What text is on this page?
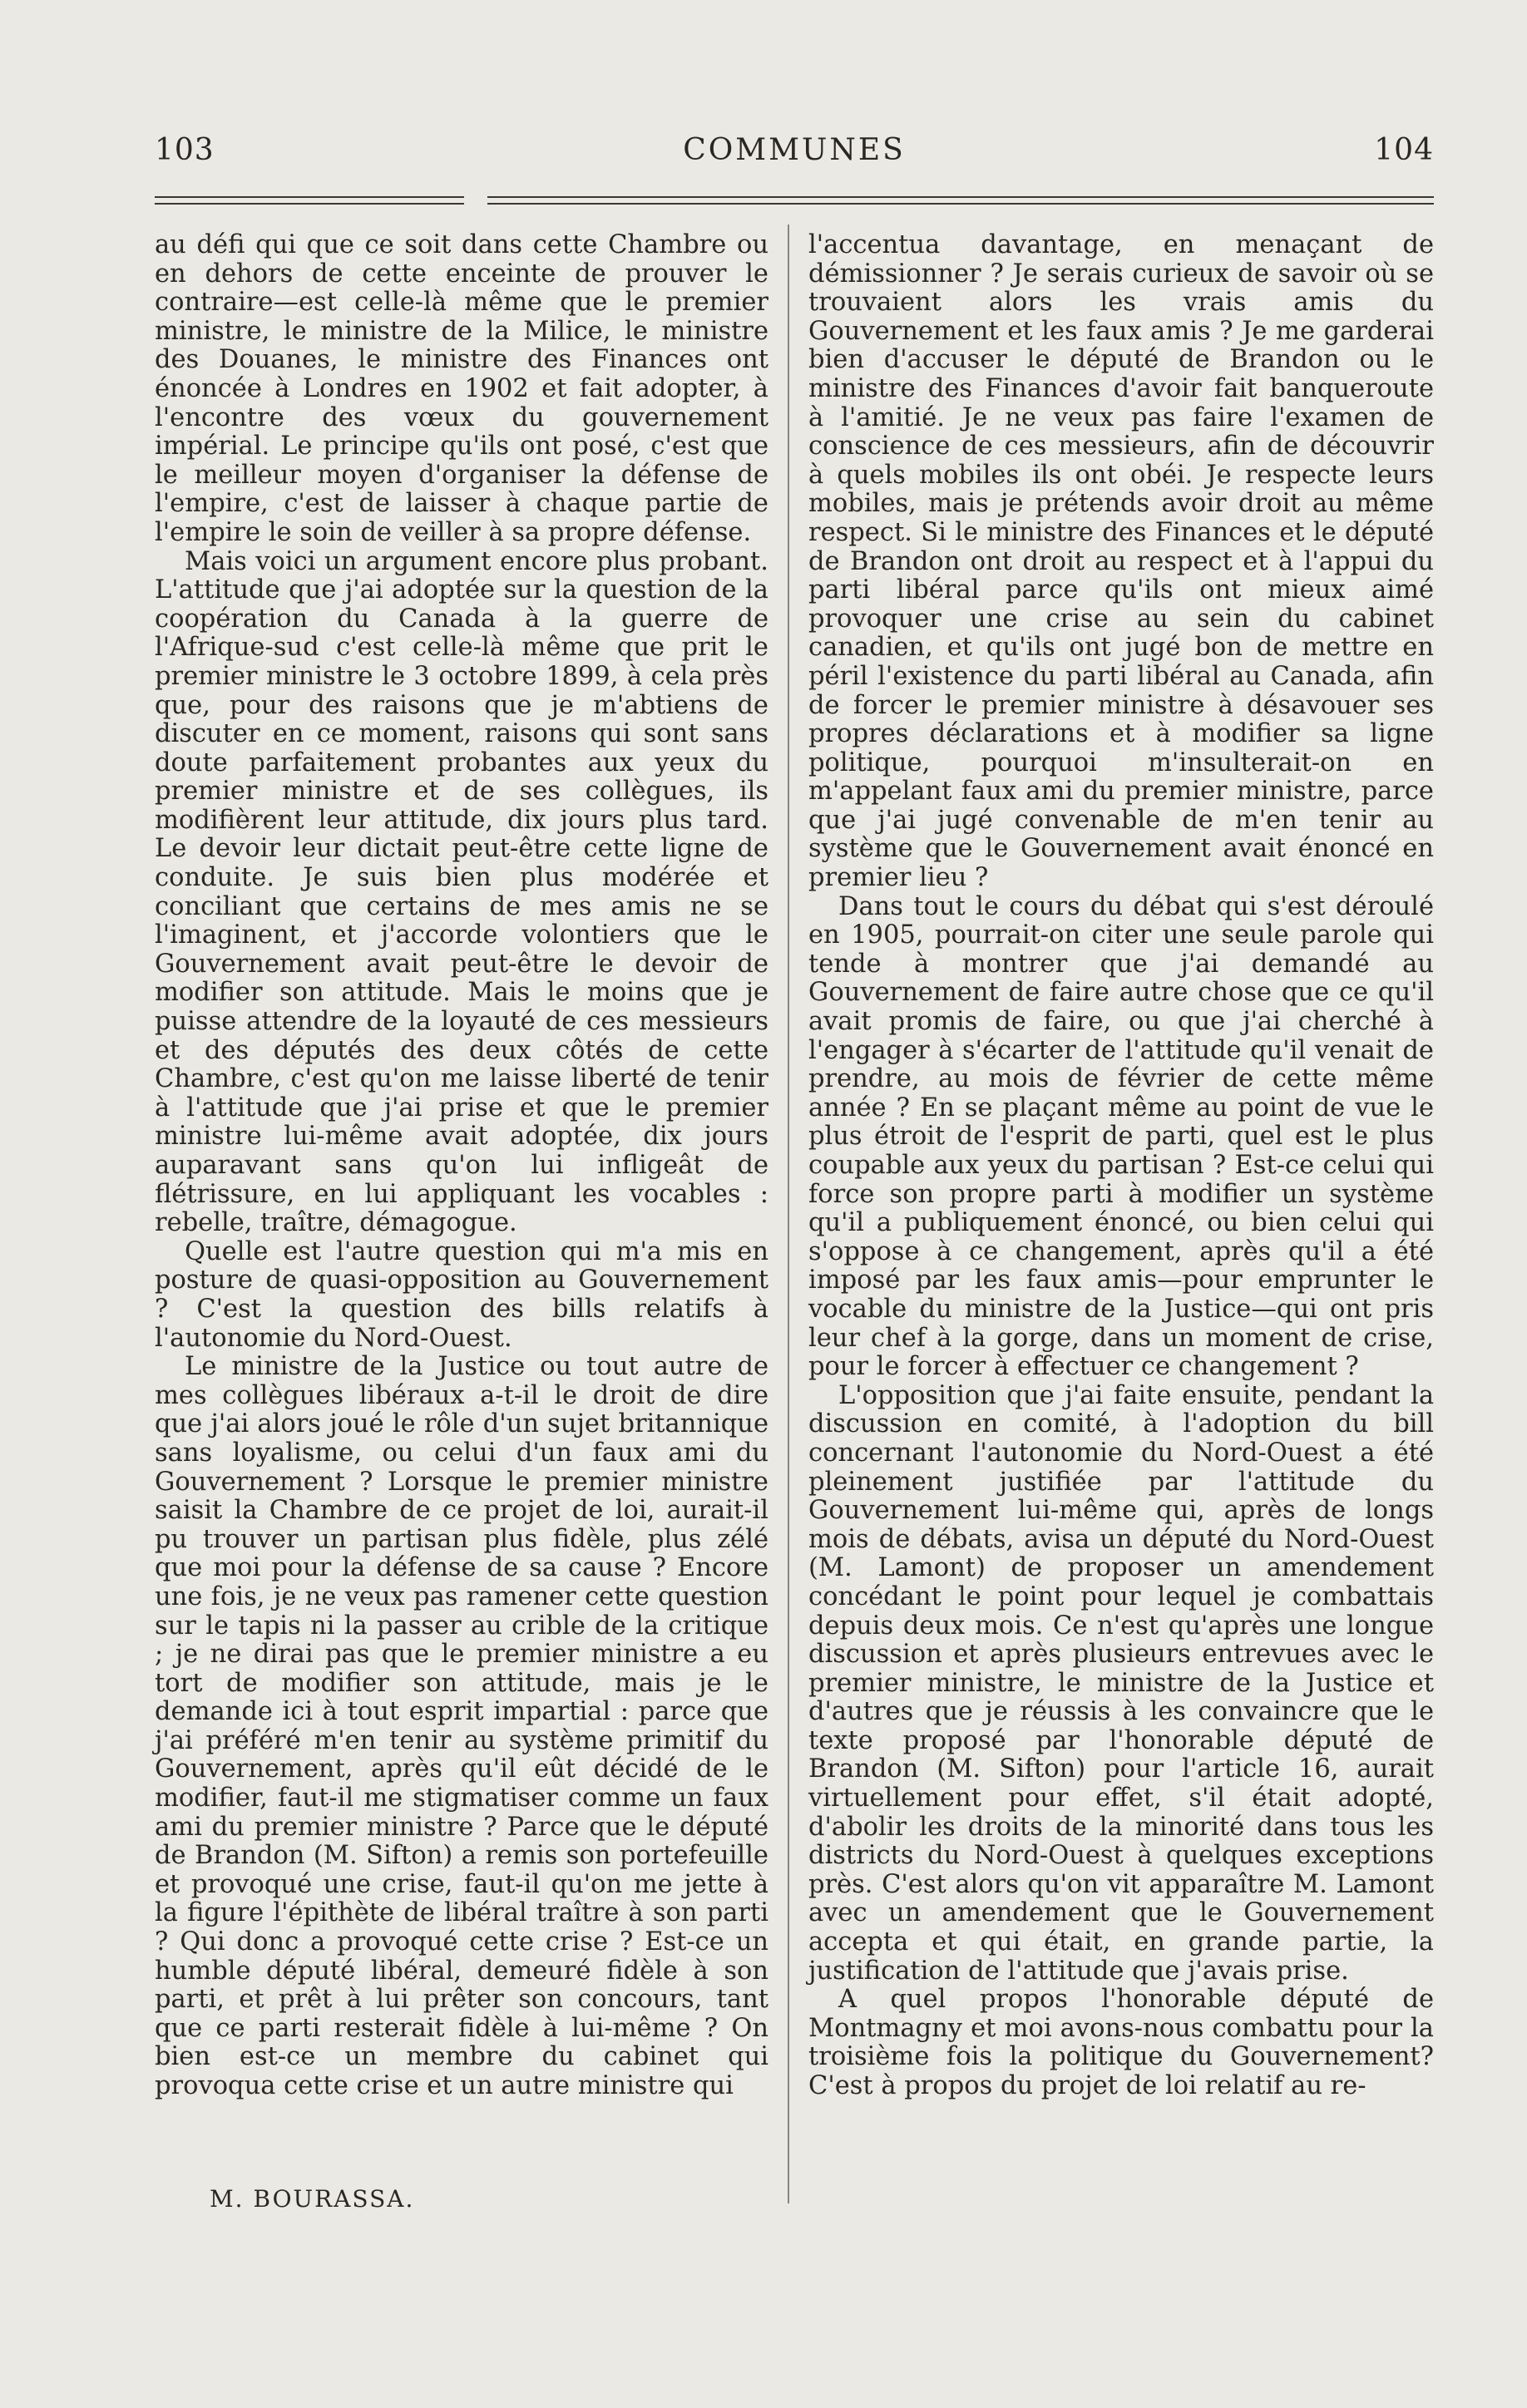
103	COMMUNES	104

au défi qui que ce soit dans cette Chambre ou en dehors de cette enceinte de prouver le contraire—est celle-là même que le premier ministre, le ministre de la Milice, le ministre des Douanes, le ministre des Finances ont énoncée à Londres en 1902 et fait adopter, à l'encontre des vœux du gouvernement impérial. Le principe qu'ils ont posé, c'est que le meilleur moyen d'organiser la défense de l'empire, c'est de laisser à chaque partie de l'empire le soin de veiller à sa propre défense.

Mais voici un argument encore plus probant. L'attitude que j'ai adoptée sur la question de la coopération du Canada à la guerre de l'Afrique-sud c'est celle-là même que prit le premier ministre le 3 octobre 1899, à cela près que, pour des raisons que je m'abtiens de discuter en ce moment, raisons qui sont sans doute parfaitement probantes aux yeux du premier ministre et de ses collègues, ils modifièrent leur attitude, dix jours plus tard. Le devoir leur dictait peut-être cette ligne de conduite. Je suis bien plus modérée et conciliant que certains de mes amis ne se l'imaginent, et j'accorde volontiers que le Gouvernement avait peut-être le devoir de modifier son attitude. Mais le moins que je puisse attendre de la loyauté de ces messieurs et des députés des deux côtés de cette Chambre, c'est qu'on me laisse liberté de tenir à l'attitude que j'ai prise et que le premier ministre lui-même avait adoptée, dix jours auparavant sans qu'on lui infligeât de flétrissure, en lui appliquant les vocables : rebelle, traître, démagogue.

Quelle est l'autre question qui m'a mis en posture de quasi-opposition au Gouvernement ? C'est la question des bills relatifs à l'autonomie du Nord-Ouest.

Le ministre de la Justice ou tout autre de mes collègues libéraux a-t-il le droit de dire que j'ai alors joué le rôle d'un sujet britannique sans loyalisme, ou celui d'un faux ami du Gouvernement ? Lorsque le premier ministre saisit la Chambre de ce projet de loi, aurait-il pu trouver un partisan plus fidèle, plus zélé que moi pour la défense de sa cause ? Encore une fois, je ne veux pas ramener cette question sur le tapis ni la passer au crible de la critique ; je ne dirai pas que le premier ministre a eu tort de modifier son attitude, mais je le demande ici à tout esprit impartial : parce que j'ai préféré m'en tenir au système primitif du Gouvernement, après qu'il eût décidé de le modifier, faut-il me stigmatiser comme un faux ami du premier ministre ? Parce que le député de Brandon (M. Sifton) a remis son portefeuille et provoqué une crise, faut-il qu'on me jette à la figure l'épithète de libéral traître à son parti ? Qui donc a provoqué cette crise ? Est-ce un humble député libéral, demeuré fidèle à son parti, et prêt à lui prêter son concours, tant que ce parti resterait fidèle à lui-même ? On bien est-ce un membre du cabinet qui provoqua cette crise et un autre ministre qui

l'accentua davantage, en menaçant de démissionner ? Je serais curieux de savoir où se trouvaient alors les vrais amis du Gouvernement et les faux amis ? Je me garderai bien d'accuser le député de Brandon ou le ministre des Finances d'avoir fait banqueroute à l'amitié. Je ne veux pas faire l'examen de conscience de ces messieurs, afin de découvrir à quels mobiles ils ont obéi. Je respecte leurs mobiles, mais je prétends avoir droit au même respect. Si le ministre des Finances et le député de Brandon ont droit au respect et à l'appui du parti libéral parce qu'ils ont mieux aimé provoquer une crise au sein du cabinet canadien, et qu'ils ont jugé bon de mettre en péril l'existence du parti libéral au Canada, afin de forcer le premier ministre à désavouer ses propres déclarations et à modifier sa ligne politique, pourquoi m'insulterait-on en m'appelant faux ami du premier ministre, parce que j'ai jugé convenable de m'en tenir au système que le Gouvernement avait énoncé en premier lieu ?

Dans tout le cours du débat qui s'est déroulé en 1905, pourrait-on citer une seule parole qui tende à montrer que j'ai demandé au Gouvernement de faire autre chose que ce qu'il avait promis de faire, ou que j'ai cherché à l'engager à s'écarter de l'attitude qu'il venait de prendre, au mois de février de cette même année ? En se plaçant même au point de vue le plus étroit de l'esprit de parti, quel est le plus coupable aux yeux du partisan ? Est-ce celui qui force son propre parti à modifier un système qu'il a publiquement énoncé, ou bien celui qui s'oppose à ce changement, après qu'il a été imposé par les faux amis—pour emprunter le vocable du ministre de la Justice—qui ont pris leur chef à la gorge, dans un moment de crise, pour le forcer à effectuer ce changement ?

L'opposition que j'ai faite ensuite, pendant la discussion en comité, à l'adoption du bill concernant l'autonomie du Nord-Ouest a été pleinement justifiée par l'attitude du Gouvernement lui-même qui, après de longs mois de débats, avisa un député du Nord-Ouest (M. Lamont) de proposer un amendement concédant le point pour lequel je combattais depuis deux mois. Ce n'est qu'après une longue discussion et après plusieurs entrevues avec le premier ministre, le ministre de la Justice et d'autres que je réussis à les convaincre que le texte proposé par l'honorable député de Brandon (M. Sifton) pour l'article 16, aurait virtuellement pour effet, s'il était adopté, d'abolir les droits de la minorité dans tous les districts du Nord-Ouest à quelques exceptions près. C'est alors qu'on vit apparaître M. Lamont avec un amendement que le Gouvernement accepta et qui était, en grande partie, la justification de l'attitude que j'avais prise.

A quel propos l'honorable député de Montmagny et moi avons-nous combattu pour la troisième fois la politique du Gouvernement? C'est à propos du projet de loi relatif au re-

M. BOURASSA.
